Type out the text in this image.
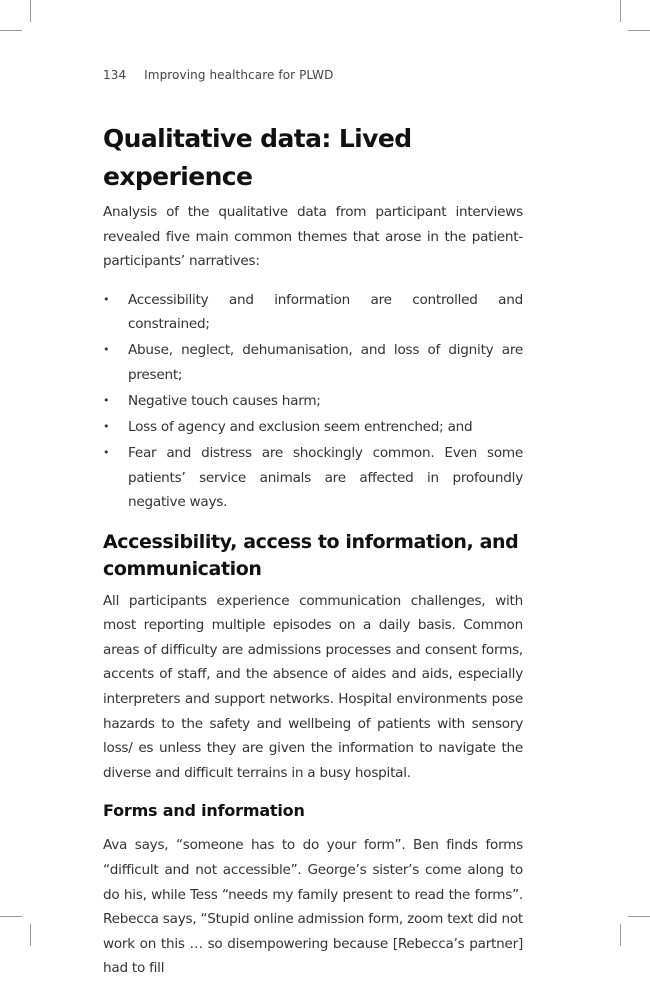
134 Improving healthcare for PLWD
Qualitative data: Lived experience

Analysis of the qualitative data from participant interviews revealed five main common themes that arose in the patient-participants’ narratives:

• Accessibility and information are controlled and constrained;
• Abuse, neglect, dehumanisation, and loss of dignity are present;
• Negative touch causes harm;
• Loss of agency and exclusion seem entrenched; and
• Fear and distress are shockingly common. Even some patients’ service animals are affected in profoundly negative ways.
Accessibility, access to information, and communication

All participants experience communication challenges, with most reporting multiple episodes on a daily basis. Common areas of difficulty are admissions processes and consent forms, accents of staff, and the absence of aides and aids, especially interpreters and support networks. Hospital environments pose hazards to the safety and wellbeing of patients with sensory loss/ es unless they are given the information to navigate the diverse and difficult terrains in a busy hospital.

Forms and information

Ava says, “someone has to do your form”. Ben finds forms “difficult and not accessible”. George’s sister’s come along to do his, while Tess “needs my family present to read the forms”. Rebecca says, “Stupid online admission form, zoom text did not work on this … so disempowering because [Rebecca’s partner] had to fill
